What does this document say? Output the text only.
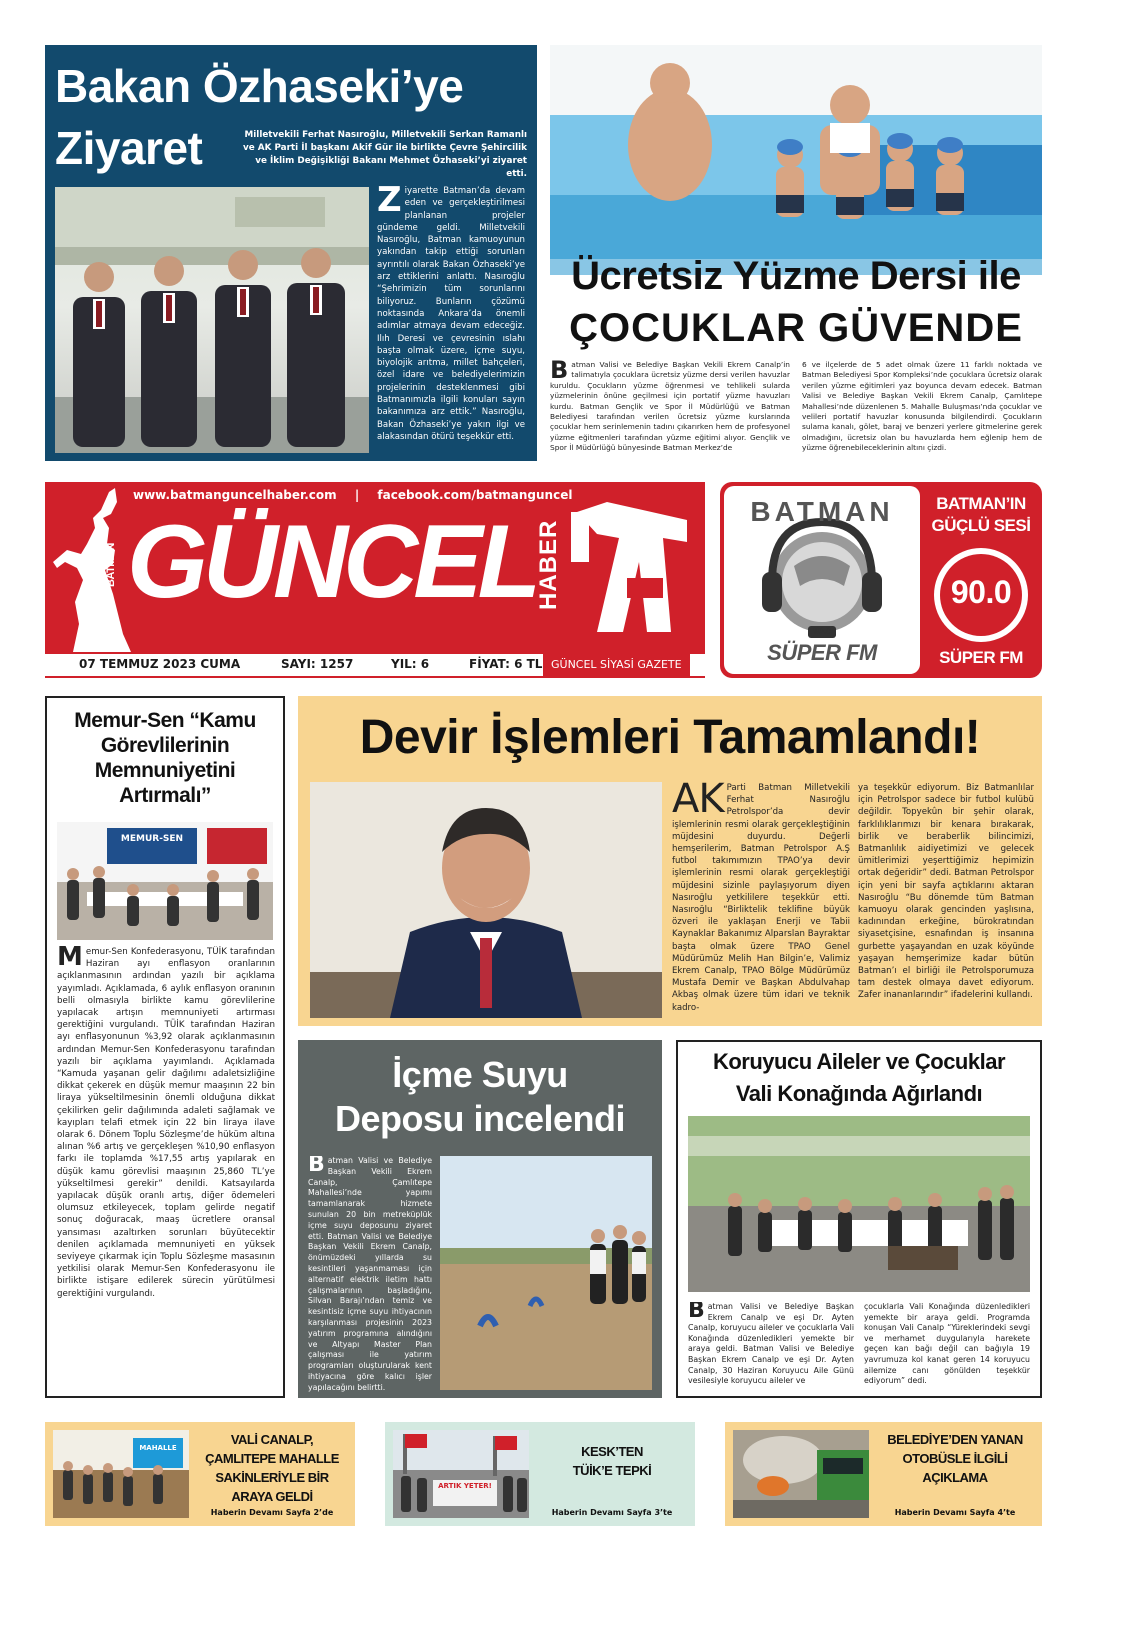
Bakan Özhaseki’ye
Ziyaret	Milletvekili Ferhat Nasıroğlu, Milletvekili Serkan Ramanlı ve AK Parti İl başkanı Akif Gür ile birlikte Çevre Şehircilik ve İklim Değişikliği Bakanı Mehmet Özhaseki’yi ziyaret etti.
Ziyarette Batman’da devam eden ve gerçekleştirilmesi planlanan projeler gündeme geldi. Milletvekili Nasıroğlu, Batman kamuoyunun yakından takip ettiği sorunları ayrıntılı olarak Bakan Özhaseki’ye arz ettiklerini anlattı. Nasıroğlu “Şehrimizin tüm sorunlarını biliyoruz. Bunların çözümü noktasında Ankara’da önemli adımlar atmaya devam edeceğiz. Ilıh Deresi ve çevresinin ıslahı başta olmak üzere, içme suyu, biyolojik arıtma, millet bahçeleri, özel idare ve belediyelerimizin projelerinin desteklenmesi gibi Batmanımızla ilgili konuları sayın bakanımıza arz ettik.” Nasıroğlu, Bakan Özhaseki’ye yakın ilgi ve alakasından ötürü teşekkür etti.
Ücretsiz Yüzme Dersi ile
ÇOCUKLAR GÜVENDE
Batman Valisi ve Belediye Başkan Vekili Ekrem Canalp’in talimatıyla çocuklara ücretsiz yüzme dersi verilen havuzlar kuruldu. Çocukların yüzme öğrenmesi ve tehlikeli sularda yüzmelerinin önüne geçilmesi için portatif yüzme havuzları kurdu. Batman Gençlik ve Spor İl Müdürlüğü ve Batman Belediyesi tarafından verilen ücretsiz yüzme kurslarında çocuklar hem serinlemenin tadını çıkarırken hem de profesyonel yüzme eğitmenleri tarafından yüzme eğitimi alıyor. Gençlik ve Spor İl Müdürlüğü bünyesinde Batman Merkez’de
6 ve ilçelerde de 5 adet olmak üzere 11 farklı noktada ve Batman Belediyesi Spor Kompleksi’nde çocuklara ücretsiz olarak verilen yüzme eğitimleri yaz boyunca devam edecek. Batman Valisi ve Belediye Başkan Vekili Ekrem Canalp, Çamlıtepe Mahallesi’nde düzenlenen 5. Mahalle Buluşması’nda çocuklar ve velileri portatif havuzlar konusunda bilgilendirdi. Çocukların sulama kanalı, gölet, baraj ve benzeri yerlere gitmelerine gerek olmadığını, ücretsiz olan bu havuzlarda hem eğlenip hem de yüzme öğrenebileceklerinin altını çizdi.
www.batmanguncelhaber.com | facebook.com/batmanguncel
BATMAN GÜNCEL
HABER
07 TEMMUZ 2023 CUMA	SAYI: 1257	YIL: 6	FİYAT: 6 TL GÜNCEL SİYASİ GAZETE
BATMAN
90.0
SÜPER FM
BATMAN’IN
GÜÇLÜ SESİ
90.0
SÜPER FM
Memur-Sen “Kamu Görevlilerinin Memnuniyetini Artırmalı”
MEMUR-SEN
Memur-Sen Konfederasyonu, TÜİK tarafından Haziran ayı enflasyon oranlarının açıklanmasının ardından yazılı bir açıklama yayımladı. Açıklamada, 6 aylık enflasyon oranının belli olmasıyla birlikte kamu görevlilerine yapılacak artışın memnuniyeti artırması gerektiğini vurgulandı. TÜİK tarafından Haziran ayı enflasyonunun %3,92 olarak açıklanmasının ardından Memur-Sen Konfederasyonu tarafından yazılı bir açıklama yayımlandı. Açıklamada “Kamuda yaşanan gelir dağılımı adaletsizliğine dikkat çekerek en düşük memur maaşının 22 bin liraya yükseltilmesinin önemli olduğuna dikkat çekilirken gelir dağılımında adaleti sağlamak ve kayıpları telafi etmek için 22 bin liraya ilave olarak 6. Dönem Toplu Sözleşme’de hüküm altına alınan %6 artış ve gerçekleşen %10,90 enflasyon farkı ile toplamda %17,55 artış yapılarak en düşük kamu görevlisi maaşının 25,860 TL’ye yükseltilmesi gerekir” denildi. Katsayılarda yapılacak düşük oranlı artış, diğer ödemeleri olumsuz etkileyecek, toplam gelirde negatif sonuç doğuracak, maaş ücretlere oransal yansıması azaltırken sorunları büyütecektir denilen açıklamada memnuniyeti en yüksek seviyeye çıkarmak için Toplu Sözleşme masasının yetkilisi olarak Memur-Sen Konfederasyonu ile birlikte istişare edilerek sürecin yürütülmesi gerektiğini vurgulandı.
Devir İşlemleri Tamamlandı!
AK Parti Batman Milletvekili Ferhat Nasıroğlu Petrolspor’da devir işlemlerinin resmi olarak gerçekleştiğinin müjdesini duyurdu. Değerli hemşerilerim, Batman Petrolspor A.Ş futbol takımımızın TPAO’ya devir işlemlerinin resmi olarak gerçekleştiği müjdesini sizinle paylaşıyorum diyen Nasıroğlu yetkililere teşekkür etti. Nasıroğlu “Birliktelik teklifine büyük özveri ile yaklaşan Enerji ve Tabii Kaynaklar Bakanımız Alparslan Bayraktar başta olmak üzere TPAO Genel Müdürümüz Melih Han Bilgin’e, Valimiz Ekrem Canalp, TPAO Bölge Müdürümüz Mustafa Demir ve Başkan Abdulvahap Akbaş olmak üzere tüm idari ve teknik kadro-
ya teşekkür ediyorum. Biz Batmanlılar için Petrolspor sadece bir futbol kulübü değildir. Topyekûn bir şehir olarak, farklılıklarımızı bir kenara bırakarak, birlik ve beraberlik bilincimizi, Batmanlılık aidiyetimizi ve gelecek ümitlerimizi yeşerttiğimiz hepimizin ortak değeridir” dedi. Batman Petrolspor için yeni bir sayfa açtıklarını aktaran Nasıroğlu “Bu dönemde tüm Batman kamuoyu olarak gencinden yaşlısına, kadınından erkeğine, bürokratından siyasetçisine, esnafından iş insanına gurbette yaşayandan en uzak köyünde yaşayan hemşerimize kadar bütün Batman’ı el birliği ile Petrolsporumuza tam destek olmaya davet ediyorum. Zafer inananlarındır” ifadelerini kullandı.
İçme Suyu
Deposu incelendi
Batman Valisi ve Belediye Başkan Vekili Ekrem Canalp, Çamlıtepe Mahallesi’nde yapımı tamamlanarak hizmete sunulan 20 bin metreküplük içme suyu deposunu ziyaret etti. Batman Valisi ve Belediye Başkan Vekili Ekrem Canalp, önümüzdeki yıllarda su kesintileri yaşanmaması için alternatif elektrik iletim hattı çalışmalarının başladığını, Silvan Barajı’ndan temiz ve kesintisiz içme suyu ihtiyacının karşılanması projesinin 2023 yatırım programına alındığını ve Altyapı Master Plan çalışması ile yatırım programları oluşturularak kent ihtiyacına göre kalıcı işler yapılacağını belirtti.
Koruyucu Aileler ve Çocuklar
Vali Konağında Ağırlandı
Batman Valisi ve Belediye Başkan Ekrem Canalp ve eşi Dr. Ayten Canalp, koruyucu aileler ve çocuklarla Vali Konağında düzenledikleri yemekte bir araya geldi. Batman Valisi ve Belediye Başkan Ekrem Canalp ve eşi Dr. Ayten Canalp, 30 Haziran Koruyucu Aile Günü vesilesiyle koruyucu aileler ve
çocuklarla Vali Konağında düzenledikleri yemekte bir araya geldi. Programda konuşan Vali Canalp “Yüreklerindeki sevgi ve merhamet duygularıyla harekete geçen kan bağı değil can bağıyla 19 yavrumuza kol kanat geren 14 koruyucu ailemize canı gönülden teşekkür ediyorum” dedi.
MAHALLE
VALİ CANALP, ÇAMLITEPE MAHALLE SAKİNLERİYLE BİR ARAYA GELDİ
Haberin Devamı Sayfa 2’de
ARTIK YETER!
KESK’TEN TÜİK’E TEPKİ
Haberin Devamı Sayfa 3’te
BELEDİYE’DEN YANAN OTOBÜSLE İLGİLİ AÇIKLAMA
Haberin Devamı Sayfa 4’te
